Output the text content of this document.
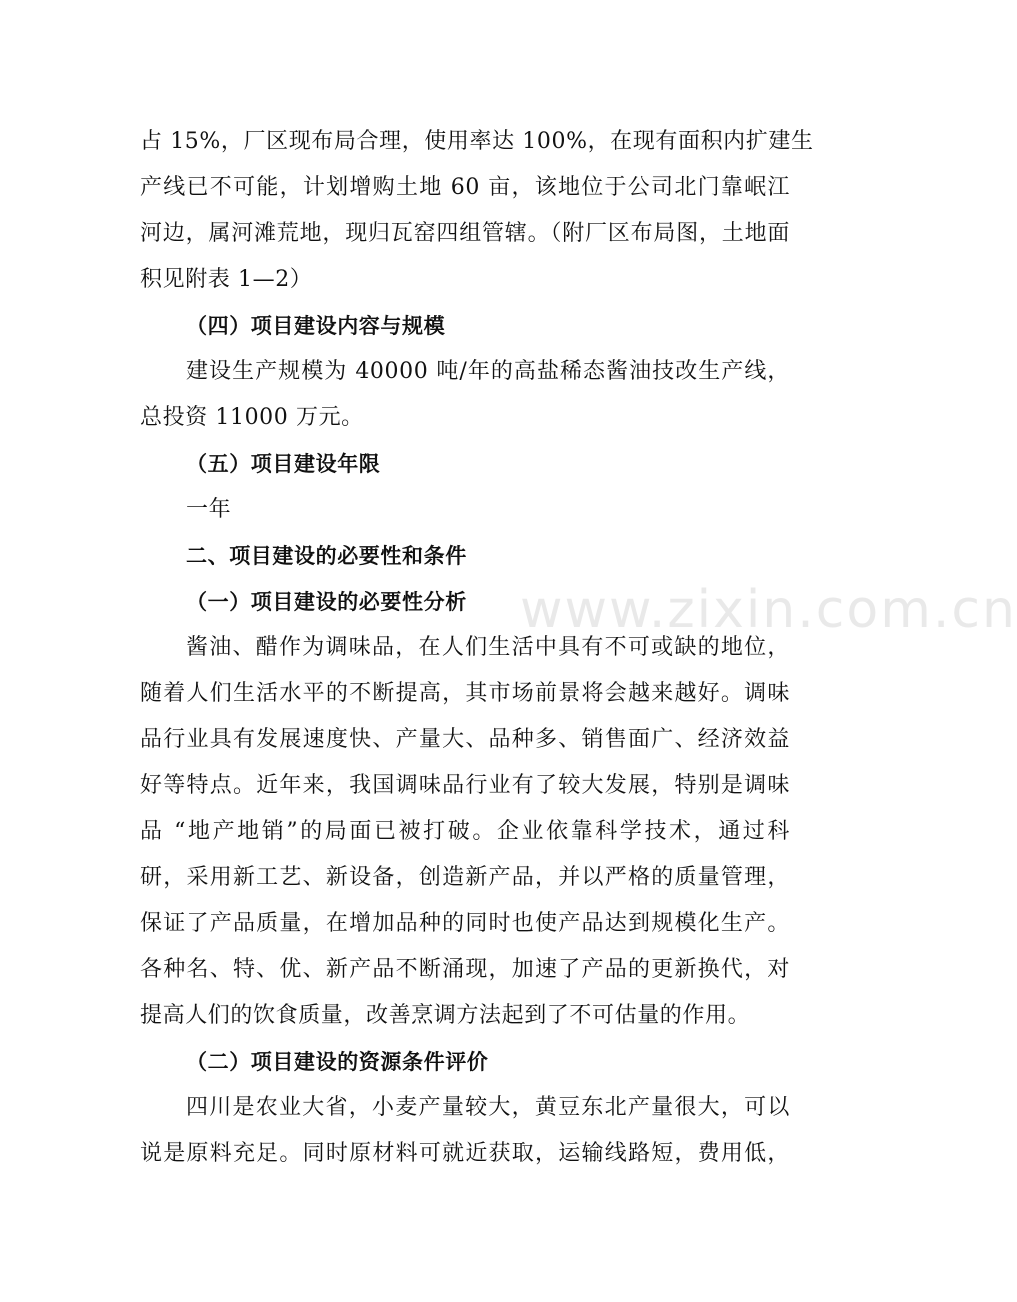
www.zixin.com.cn
占 15%，厂区现布局合理，使用率达 100%，在现有面积内扩建生
产线已不可能，计划增购土地 60 亩，该地位于公司北门靠岷江
河边，属河滩荒地，现归瓦窑四组管辖。（附厂区布局图，土地面
积见附表 1—2）
（四）项目建设内容与规模
建设生产规模为 40000 吨/年的高盐稀态酱油技改生产线，
总投资 11000 万元。
（五）项目建设年限
一年
二、项目建设的必要性和条件
（一）项目建设的必要性分析
酱油、醋作为调味品，在人们生活中具有不可或缺的地位，
随着人们生活水平的不断提高，其市场前景将会越来越好。调味
品行业具有发展速度快、产量大、品种多、销售面广、经济效益
好等特点。近年来，我国调味品行业有了较大发展，特别是调味
品 “地产地销”的局面已被打破。企业依靠科学技术，通过科
研，采用新工艺、新设备，创造新产品，并以严格的质量管理，
保证了产品质量，在增加品种的同时也使产品达到规模化生产。
各种名、特、优、新产品不断涌现，加速了产品的更新换代，对
提高人们的饮食质量，改善烹调方法起到了不可估量的作用。
（二）项目建设的资源条件评价
四川是农业大省，小麦产量较大，黄豆东北产量很大，可以
说是原料充足。同时原材料可就近获取，运输线路短，费用低，
